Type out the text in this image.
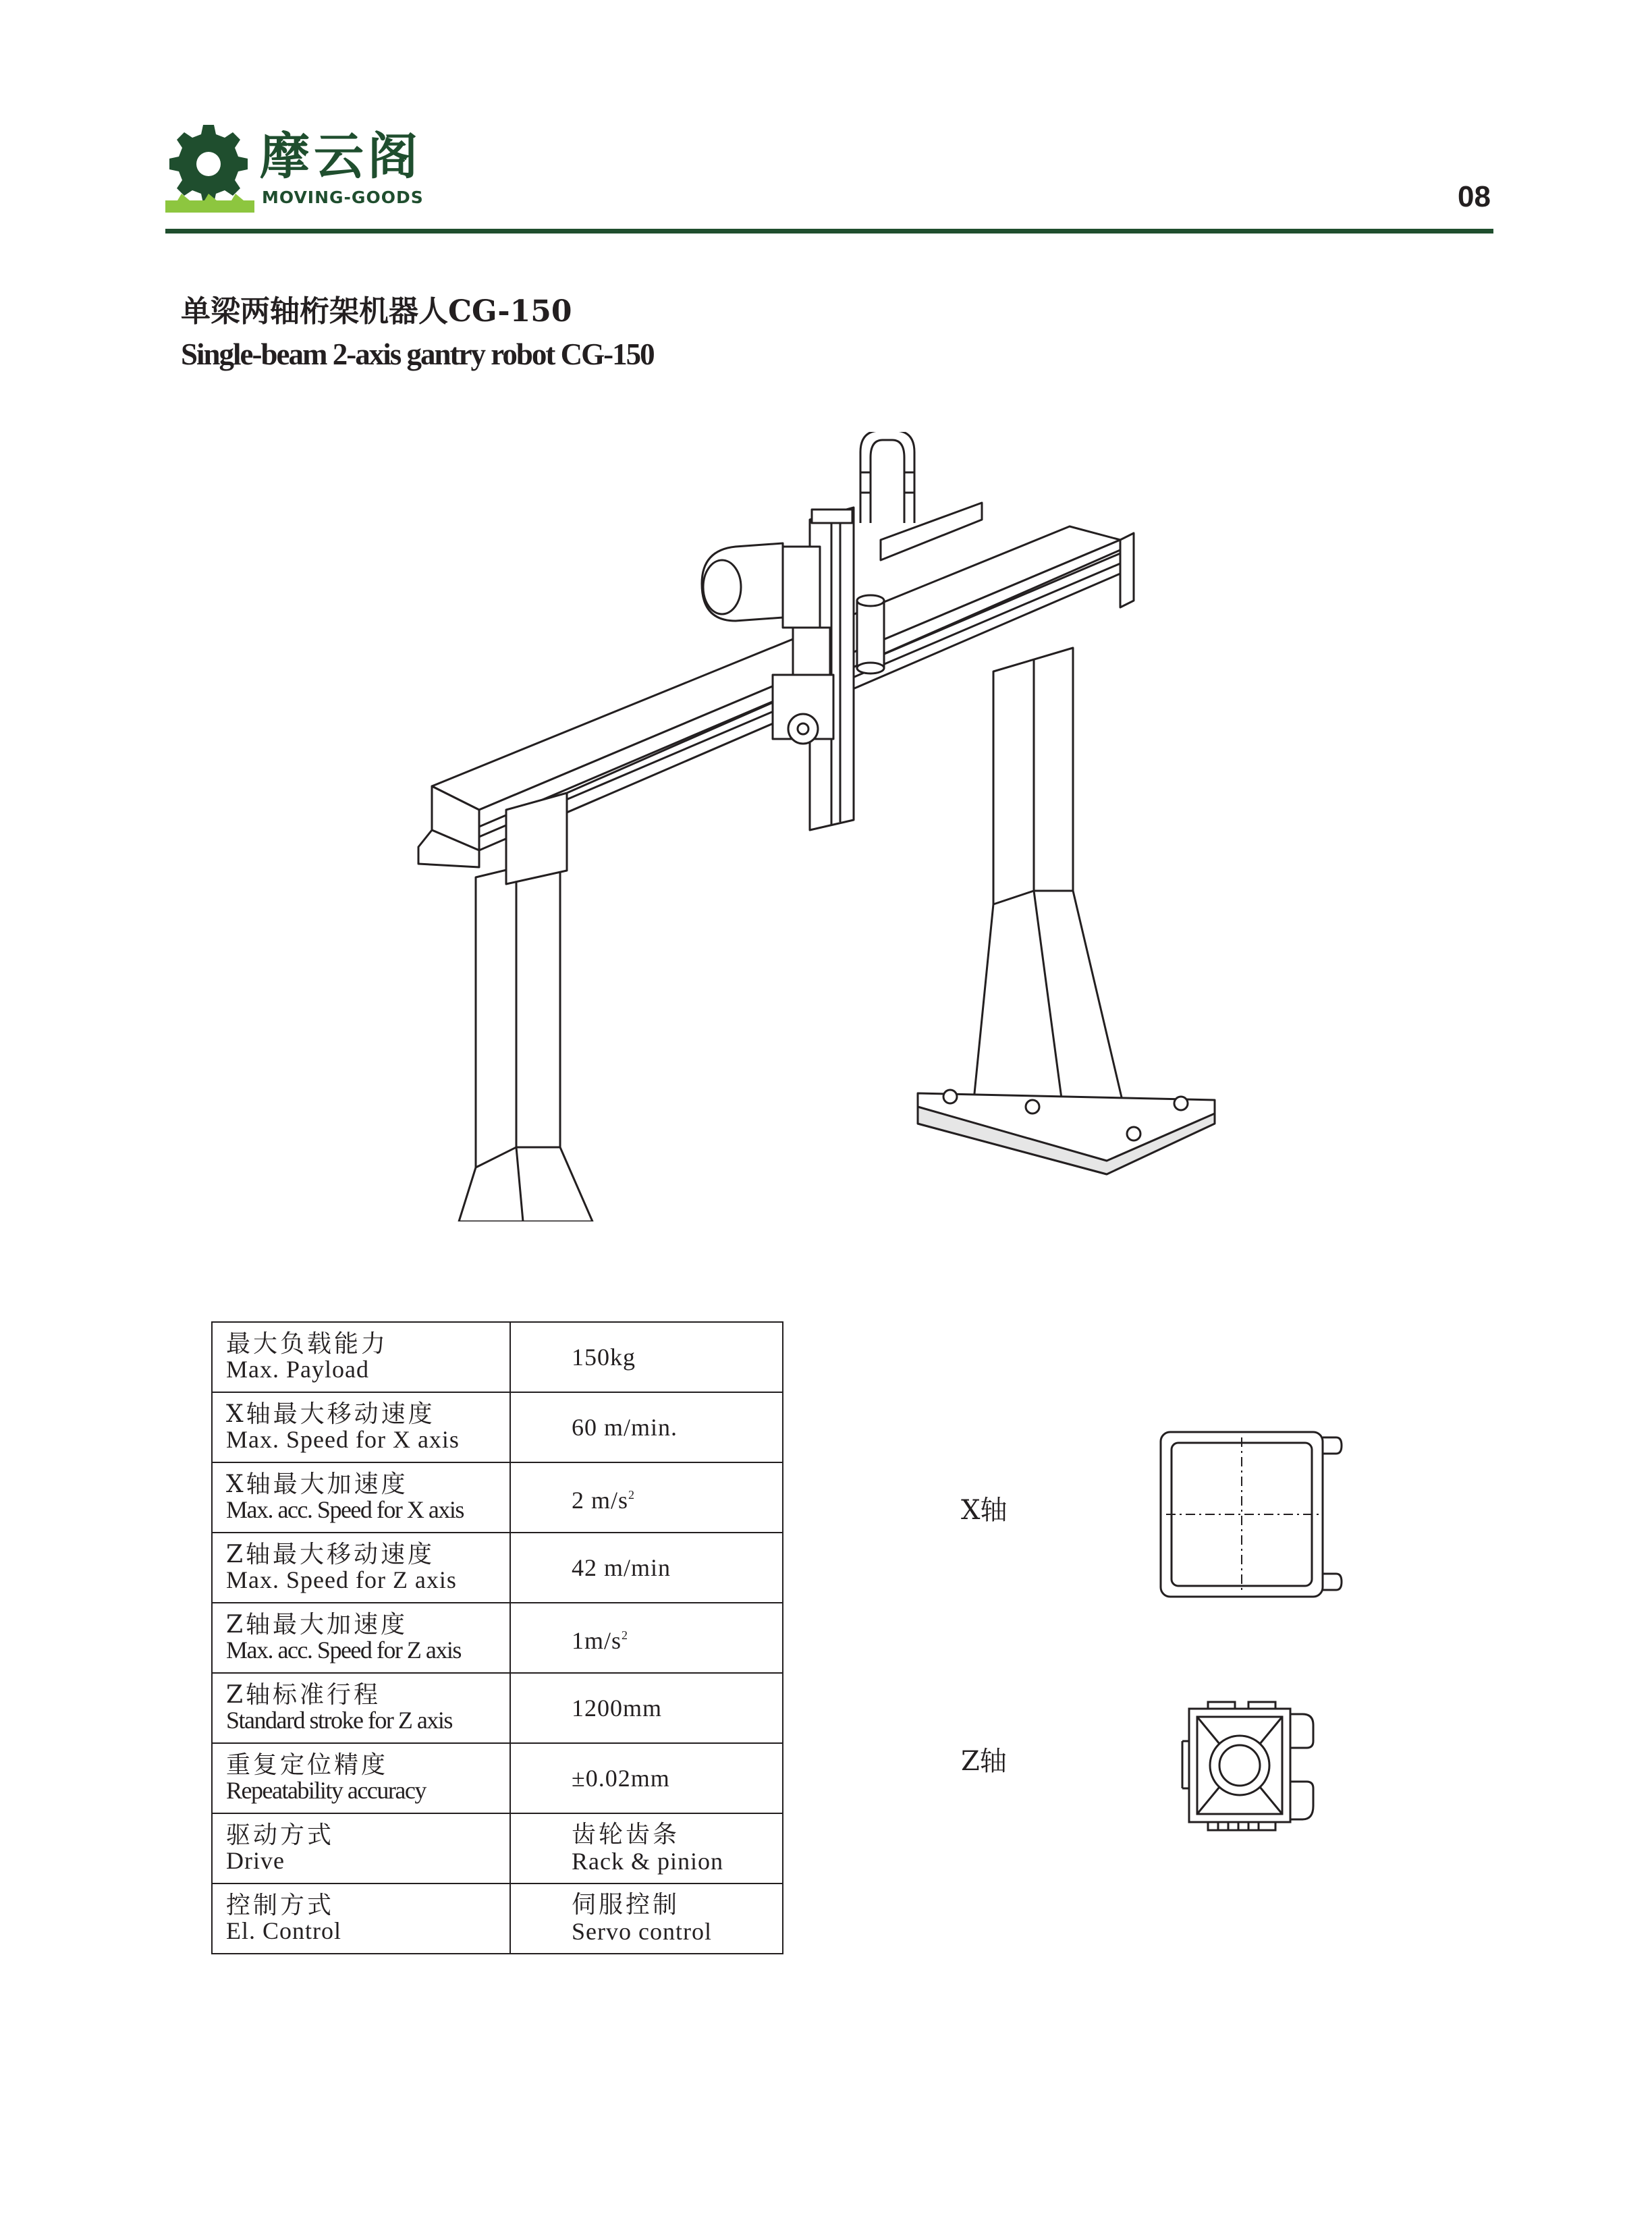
摩云阁
MOVING-GOODS	08
单梁两轴桁架机器人CG-150
Single-beam 2-axis gantry robot CG-150
最大负载能力
Max. Payload	150kg

X轴最大移动速度
Max. Speed for X axis	60 m/min.

X轴最大加速度
Max. acc. Speed for X axis	2 $m/s^2$

Z轴最大移动速度
Max. Speed for Z axis	42 m/min

Z轴最大加速度
Max. acc. Speed for Z axis	$1m/s^2$

Z轴标准行程
Standard stroke for Z axis	1200mm

重复定位精度
Repeatability accuracy	±0.02mm

驱动方式
Drive	齿轮齿条
Rack & pinion

控制方式
El. Control	伺服控制
Servo control
X轴
Z轴
